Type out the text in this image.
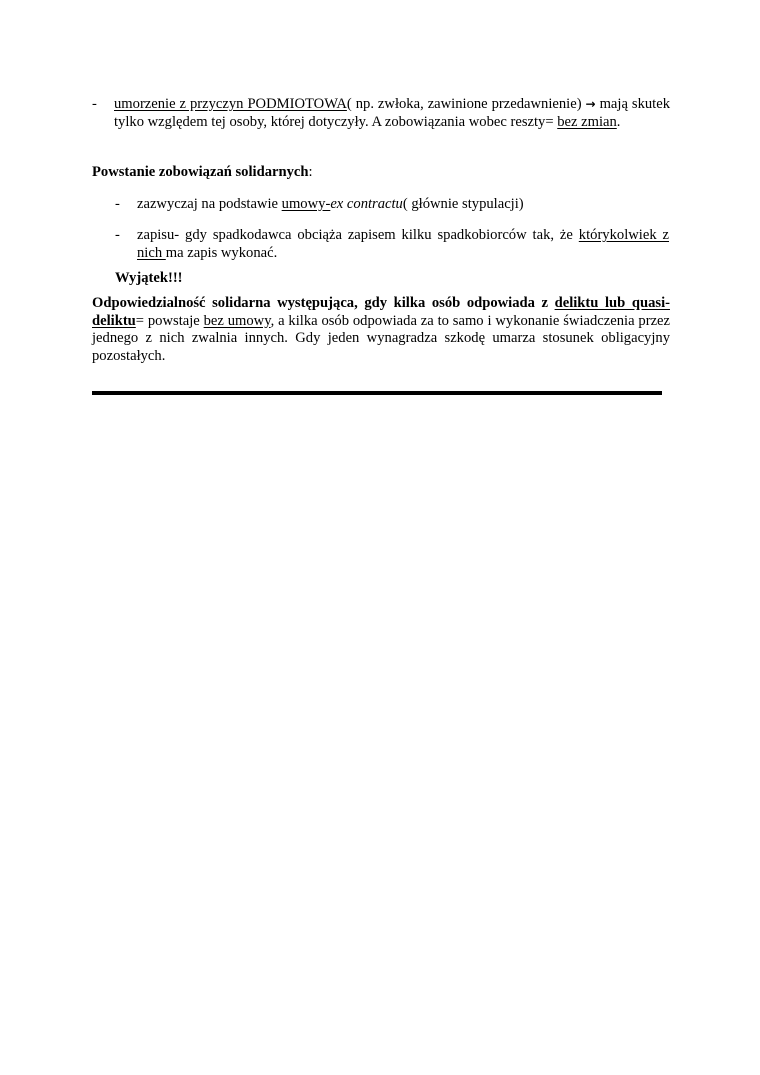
- umorzenie z przyczyn PODMIOTOWA( np. zwłoka, zawinione przedawnienie) → mają skutek tylko względem tej osoby, której dotyczyły. A zobowiązania wobec reszty= bez zmian.
Powstanie zobowiązań solidarnych:
- zazwyczaj na podstawie umowy-ex contractu( głównie stypulacji)
- zapisu- gdy spadkodawca obciąża zapisem kilku spadkobiorców tak, że którykolwiek z nich ma zapis wykonać.
Wyjątek!!!
Odpowiedzialność solidarna występująca, gdy kilka osób odpowiada z deliktu lub quasi-deliktu= powstaje bez umowy, a kilka osób odpowiada za to samo i wykonanie świadczenia przez jednego z nich zwalnia innych. Gdy jeden wynagradza szkodę umarza stosunek obligacyjny pozostałych.
